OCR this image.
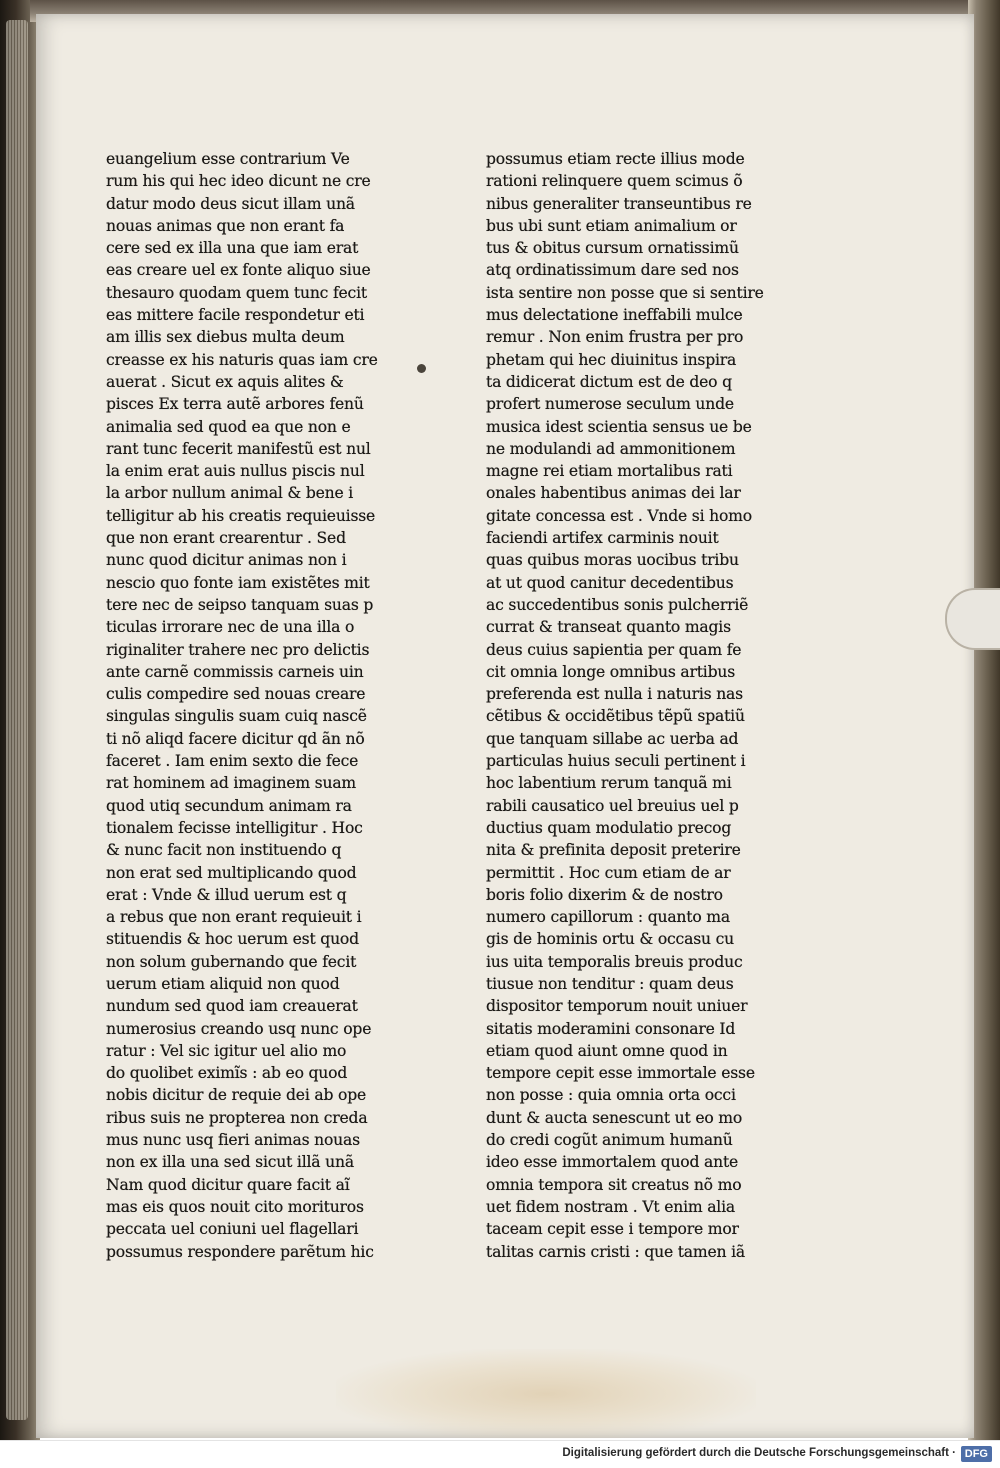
euangelium esse contrarium Ve
rum his qui hec ideo dicunt ne cre
datur modo deus sicut illam unã
nouas animas que non erant fa
cere sed ex illa una que iam erat
eas creare uel ex fonte aliquo siue
thesauro quodam quem tunc fecit
eas mittere facile respondetur eti
am illis sex diebus multa deum
creasse ex his naturis quas iam cre
auerat . Sicut ex aquis alites &
pisces Ex terra autẽ arbores fenũ
animalia sed quod ea que non e
rant tunc fecerit manifestũ est nul
la enim erat auis nullus piscis nul
la arbor nullum animal & bene i
telligitur ab his creatis requieuisse
que non erant crearentur . Sed
nunc quod dicitur animas non i
nescio quo fonte iam existẽtes mit
tere nec de seipso tanquam suas p
ticulas irrorare nec de una illa o
riginaliter trahere nec pro delictis
ante carnẽ commissis carneis uin
culis compedire sed nouas creare
singulas singulis suam cuiq nascẽ
ti nõ aliqd facere dicitur qd ãn nõ
faceret . Iam enim sexto die fece
rat hominem ad imaginem suam
quod utiq secundum animam ra
tionalem fecisse intelligitur . Hoc
& nunc facit non instituendo q
non erat sed multiplicando quod
erat : Vnde & illud uerum est q
a rebus que non erant requieuit i
stituendis & hoc uerum est quod
non solum gubernando que fecit
uerum etiam aliquid non quod
nundum sed quod iam creauerat
numerosius creando usq nunc ope
ratur : Vel sic igitur uel alio mo
do quolibet eximĩs : ab eo quod
nobis dicitur de requie dei ab ope
ribus suis ne propterea non creda
mus nunc usq fieri animas nouas
non ex illa una sed sicut illã unã
Nam quod dicitur quare facit aĩ
mas eis quos nouit cito morituros
peccata uel coniuni uel flagellari
possumus respondere parẽtum hic
possumus etiam recte illius mode
rationi relinquere quem scimus õ
nibus generaliter transeuntibus re
bus ubi sunt etiam animalium or
tus & obitus cursum ornatissimũ
atq ordinatissimum dare sed nos
ista sentire non posse que si sentire
mus delectatione ineffabili mulce
remur . Non enim frustra per pro
phetam qui hec diuinitus inspira
ta didicerat dictum est de deo q
profert numerose seculum unde
musica idest scientia sensus ue be
ne modulandi ad ammonitionem
magne rei etiam mortalibus rati
onales habentibus animas dei lar
gitate concessa est . Vnde si homo
faciendi artifex carminis nouit
quas quibus moras uocibus tribu
at ut quod canitur decedentibus
ac succedentibus sonis pulcherriẽ
currat & transeat quanto magis
deus cuius sapientia per quam fe
cit omnia longe omnibus artibus
preferenda est nulla i naturis nas
cẽtibus & occidẽtibus tẽpũ spatiũ
que tanquam sillabe ac uerba ad
particulas huius seculi pertinent i
hoc labentium rerum tanquã mi
rabili causatico uel breuius uel p
ductius quam modulatio precog
nita & prefinita deposit preterire
permittit . Hoc cum etiam de ar
boris folio dixerim & de nostro
numero capillorum : quanto ma
gis de hominis ortu & occasu cu
ius uita temporalis breuis produc
tiusue non tenditur : quam deus
dispositor temporum nouit uniuer
sitatis moderamini consonare Id
etiam quod aiunt omne quod in
tempore cepit esse immortale esse
non posse : quia omnia orta occi
dunt & aucta senescunt ut eo mo
do credi cogũt animum humanũ
ideo esse immortalem quod ante
omnia tempora sit creatus nõ mo
uet fidem nostram . Vt enim alia
taceam cepit esse i tempore mor
talitas carnis cristi : que tamen iã
Digitalisierung gefördert durch die Deutsche Forschungsgemeinschaft · DFG
